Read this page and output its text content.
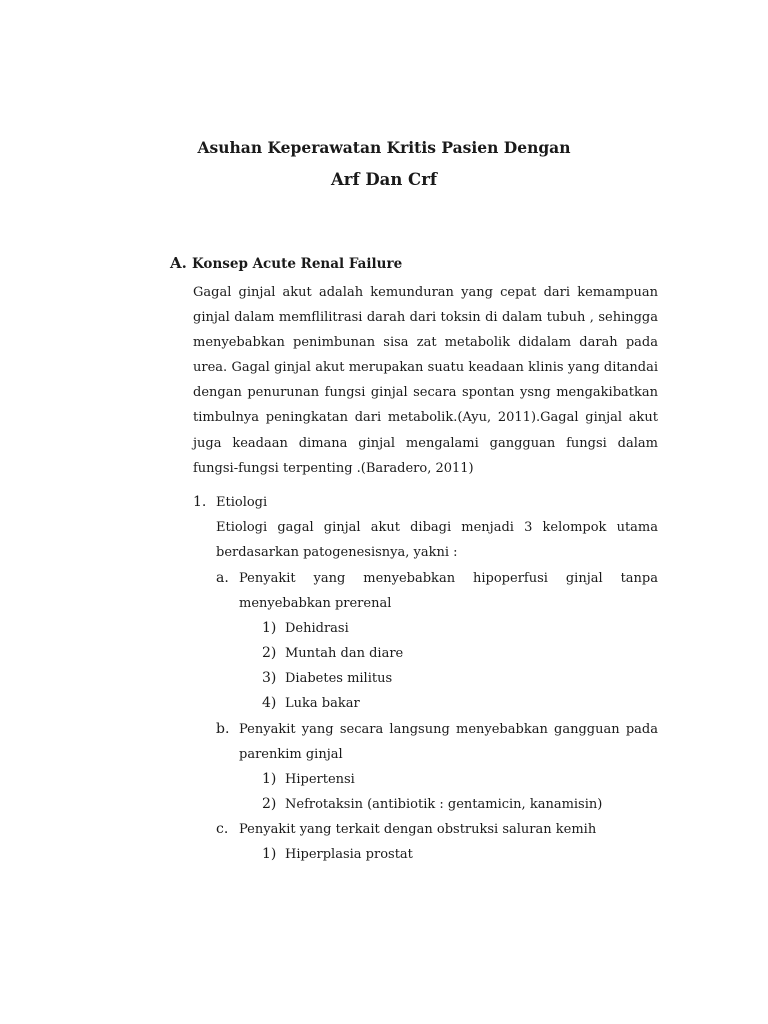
Asuhan Keperawatan Kritis Pasien Dengan
Arf Dan Crf
A. Konsep Acute Renal Failure

Gagal ginjal akut adalah kemunduran yang cepat dari kemampuan ginjal dalam memflilitrasi darah dari toksin di dalam tubuh , sehingga menyebabkan penimbunan sisa zat metabolik didalam darah pada urea. Gagal ginjal akut merupakan suatu keadaan klinis yang ditandai dengan penurunan fungsi ginjal secara spontan ysng mengakibatkan timbulnya peningkatan dari metabolik.(Ayu, 2011).Gagal ginjal akut juga keadaan dimana ginjal mengalami gangguan fungsi dalam fungsi-fungsi terpenting .(Baradero, 2011)

1. Etiologi

Etiologi gagal ginjal akut dibagi menjadi 3 kelompok utama berdasarkan patogenesisnya, yakni :

a. Penyakit yang menyebabkan hipoperfusi ginjal tanpa menyebabkan prerenal
1) Dehidrasi
2) Muntah dan diare
3) Diabetes militus
4) Luka bakar
b. Penyakit yang secara langsung menyebabkan gangguan pada parenkim ginjal
1) Hipertensi
2) Nefrotaksin (antibiotik : gentamicin, kanamisin)
c. Penyakit yang terkait dengan obstruksi saluran kemih
1) Hiperplasia prostat
